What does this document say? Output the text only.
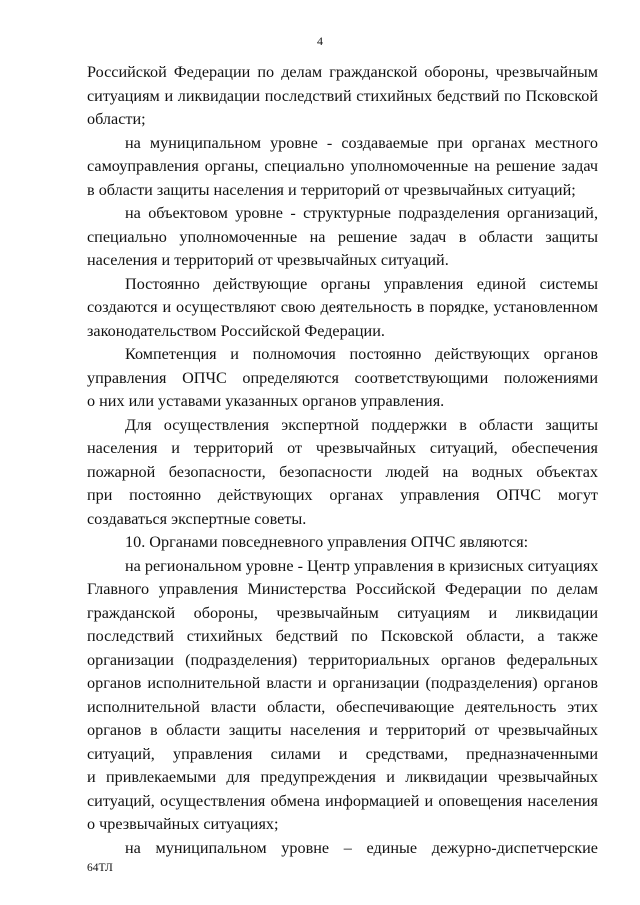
4
Российской Федерации по делам гражданской обороны, чрезвычайным
ситуациям и ликвидации последствий стихийных бедствий по Псковской
области;
на муниципальном уровне - создаваемые при органах местного
самоуправления органы, специально уполномоченные на решение задач
в области защиты населения и территорий от чрезвычайных ситуаций;
на объектовом уровне - структурные подразделения организаций,
специально уполномоченные на решение задач в области защиты
населения и территорий от чрезвычайных ситуаций.
Постоянно действующие органы управления единой системы
создаются и осуществляют свою деятельность в порядке, установленном
законодательством Российской Федерации.
Компетенция и полномочия постоянно действующих органов
управления ОПЧС определяются соответствующими положениями
о них или уставами указанных органов управления.
Для осуществления экспертной поддержки в области защиты
населения и территорий от чрезвычайных ситуаций, обеспечения
пожарной безопасности, безопасности людей на водных объектах
при постоянно действующих органах управления ОПЧС могут
создаваться экспертные советы.
10. Органами повседневного управления ОПЧС являются:
на региональном уровне - Центр управления в кризисных ситуациях
Главного управления Министерства Российской Федерации по делам
гражданской обороны, чрезвычайным ситуациям и ликвидации
последствий стихийных бедствий по Псковской области, а также
организации (подразделения) территориальных органов федеральных
органов исполнительной власти и организации (подразделения) органов
исполнительной власти области, обеспечивающие деятельность этих
органов в области защиты населения и территорий от чрезвычайных
ситуаций, управления силами и средствами, предназначенными
и привлекаемыми для предупреждения и ликвидации чрезвычайных
ситуаций, осуществления обмена информацией и оповещения населения
о чрезвычайных ситуациях;
на муниципальном уровне – единые дежурно-диспетчерские
64ТЛ
